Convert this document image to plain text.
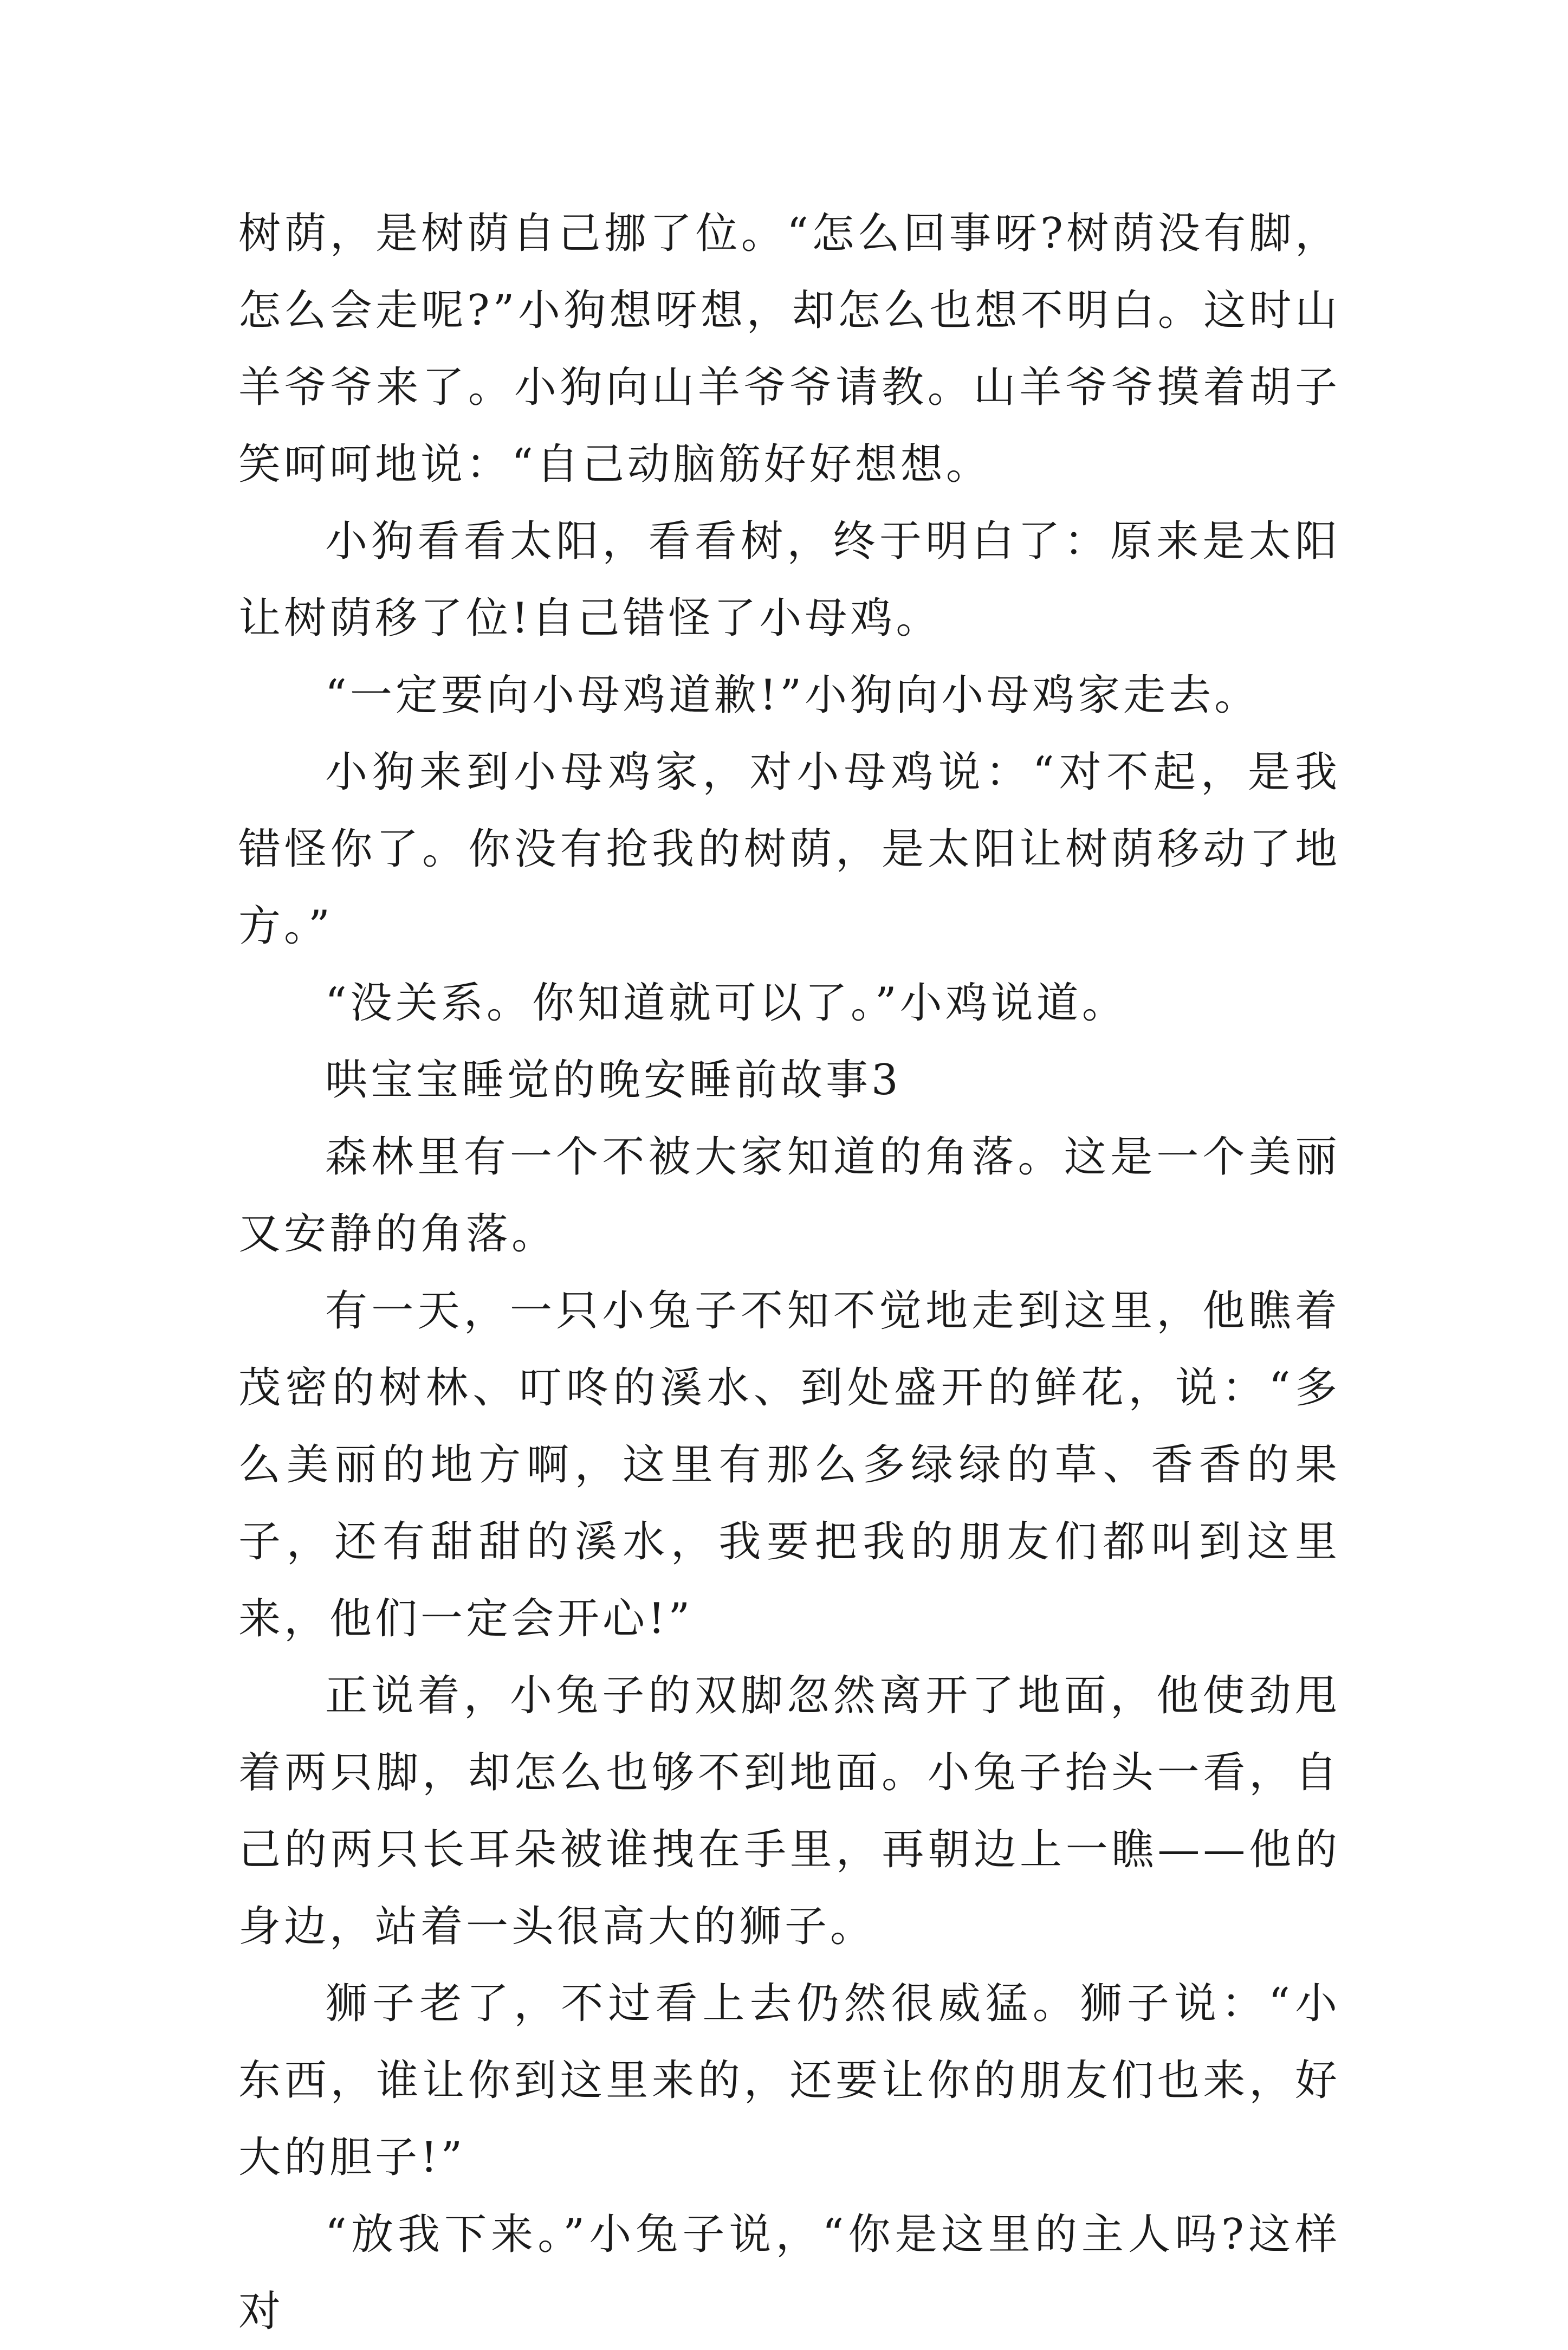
树荫，是树荫自己挪了位。“怎么回事呀?树荫没有脚，怎么会走呢?”小狗想呀想，却怎么也想不明白。这时山羊爷爷来了。小狗向山羊爷爷请教。山羊爷爷摸着胡子笑呵呵地说：“自己动脑筋好好想想。

小狗看看太阳，看看树，终于明白了：原来是太阳让树荫移了位!自己错怪了小母鸡。

“一定要向小母鸡道歉!”小狗向小母鸡家走去。

小狗来到小母鸡家，对小母鸡说：“对不起，是我错怪你了。你没有抢我的树荫，是太阳让树荫移动了地方。”

“没关系。你知道就可以了。”小鸡说道。

哄宝宝睡觉的晚安睡前故事3

森林里有一个不被大家知道的角落。这是一个美丽又安静的角落。

有一天，一只小兔子不知不觉地走到这里，他瞧着茂密的树林、叮咚的溪水、到处盛开的鲜花，说：“多么美丽的地方啊，这里有那么多绿绿的草、香香的果子，还有甜甜的溪水，我要把我的朋友们都叫到这里来，他们一定会开心!”

正说着，小兔子的双脚忽然离开了地面，他使劲甩着两只脚，却怎么也够不到地面。小兔子抬头一看，自己的两只长耳朵被谁拽在手里，再朝边上一瞧——他的身边，站着一头很高大的狮子。

狮子老了，不过看上去仍然很威猛。狮子说：“小东西，谁让你到这里来的，还要让你的朋友们也来，好大的胆子!”

“放我下来。”小兔子说，“你是这里的主人吗?这样对
